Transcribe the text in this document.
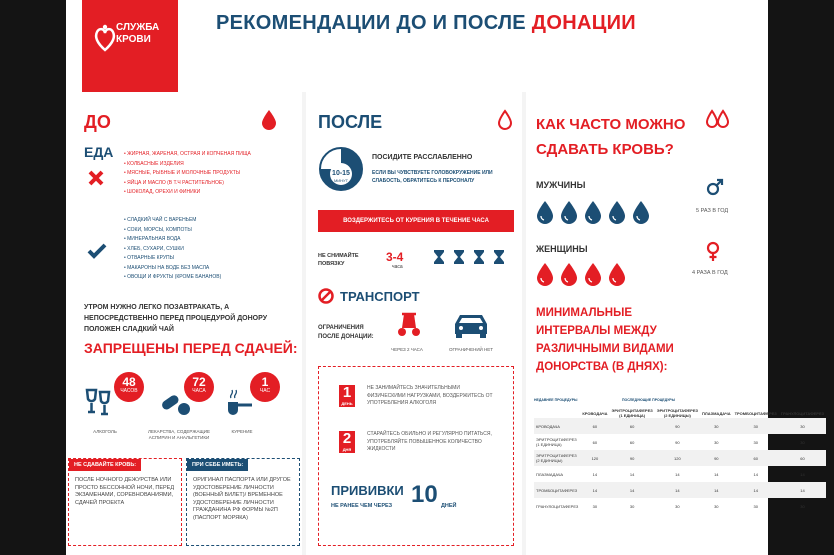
СЛУЖБА
КРОВИ
РЕКОМЕНДАЦИИ ДО И ПОСЛЕ ДОНАЦИИ
ДО
ЕДА • ЖИРНАЯ, ЖАРЕНАЯ, ОСТРАЯ И КОПЧЕНАЯ ПИЩА
• КОЛБАСНЫЕ ИЗДЕЛИЯ
• МЯСНЫЕ, РЫБНЫЕ И МОЛОЧНЫЕ ПРОДУКТЫ
• ЯЙЦА И МАСЛО (В Т.Ч РАСТИТЕЛЬНОЕ)
• ШОКОЛАД, ОРЕХИ И ФИНИКИ
• СЛАДКИЙ ЧАЙ С ВАРЕНЬЕМ
• СОКИ, МОРСЫ, КОМПОТЫ
• МИНЕРАЛЬНАЯ ВОДА
• ХЛЕБ, СУХАРИ, СУШКИ
• ОТВАРНЫЕ КРУПЫ
• МАКАРОНЫ НА ВОДЕ БЕЗ МАСЛА
• ОВОЩИ И ФРУКТЫ (КРОМЕ БАНАНОВ)
УТРОМ НУЖНО ЛЕГКО ПОЗАВТРАКАТЬ, А НЕПОСРЕДСТВЕННО ПЕРЕД ПРОЦЕДУРОЙ ДОНОРУ ПОЛОЖЕН СЛАДКИЙ ЧАЙ
ЗАПРЕЩЕНЫ ПЕРЕД СДАЧЕЙ:
48
ЧАСОВ
АЛКОГОЛЬ
72
ЧАСА
ЛЕКАРСТВА, СОДЕРЖАЩИЕ АСПИРИН И АНАЛЬГЕТИКИ
1
ЧАС
КУРЕНИЕ
НЕ СДАВАЙТЕ КРОВЬ:
ПОСЛЕ НОЧНОГО ДЕЖУРСТВА ИЛИ ПРОСТО БЕССОННОЙ НОЧИ, ПЕРЕД ЭКЗАМЕНАМИ, СОРЕВНОВАНИЯМИ, СДАЧЕЙ ПРОЕКТА
ПРИ СЕБЕ ИМЕТЬ:
ОРИГИНАЛ ПАСПОРТА ИЛИ ДРУГОЕ УДОСТОВЕРЕНИЕ ЛИЧНОСТИ (ВОЕННЫЙ БИЛЕТ)/ ВРЕМЕННОЕ УДОСТОВЕРЕНИЕ ЛИЧНОСТИ ГРАЖДАНИНА РФ ФОРМЫ №2П (ПАСПОРТ МОРЯКА)
ПОСЛЕ
10-15
МИНУТ
ПОСИДИТЕ РАССЛАБЛЕННО
ЕСЛИ ВЫ ЧУВСТВУЕТЕ ГОЛОВОКРУЖЕНИЕ ИЛИ СЛАБОСТЬ, ОБРАТИТЕСЬ К ПЕРСОНАЛУ
ВОЗДЕРЖИТЕСЬ ОТ КУРЕНИЯ В ТЕЧЕНИЕ ЧАСА
НЕ СНИМАЙТЕ ПОВЯЗКУ	3-4
часа
ТРАНСПОРТ
ОГРАНИЧЕНИЯ ПОСЛЕ ДОНАЦИИ:
ЧЕРЕЗ 2 ЧАСА	ОГРАНИЧЕНИЙ НЕТ
1
ДЕНЬ
НЕ ЗАНИМАЙТЕСЬ ЗНАЧИТЕЛЬНЫМИ ФИЗИЧЕСКИМИ НАГРУЗКАМИ, ВОЗДЕРЖИТЕСЬ ОТ УПОТРЕБЛЕНИЯ АЛКОГОЛЯ
2
ДНЯ
СТАРАЙТЕСЬ ОБИЛЬНО И РЕГУЛЯРНО ПИТАТЬСЯ, УПОТРЕБЛЯЙТЕ ПОВЫШЕННОЕ КОЛИЧЕСТВО ЖИДКОСТИ
ПРИВИВКИ
НЕ РАНЕЕ ЧЕМ ЧЕРЕЗ 10 ДНЕЙ
КАК ЧАСТО МОЖНО
СДАВАТЬ КРОВЬ?
МУЖЧИНЫ
5 РАЗ В ГОД
ЖЕНЩИНЫ
4 РАЗА В ГОД
МИНИМАЛЬНЫЕ
ИНТЕРВАЛЫ МЕЖДУ
РАЗЛИЧНЫМИ ВИДАМИ
ДОНОРСТВА (В ДНЯХ):
НЕДАВНЕЕ ПРОЦЕДУРЫ	ПОСЛЕДУЮЩИЕ ПРОЦЕДУРЫ
	КРОВОДАЧА	ЭРИТРОЦИТАФЕРЕЗ (1 ЕДИНИЦА)	ЭРИТРОЦИТАФЕРЕЗ (2 ЕДИНИЦЫ)	ПЛАЗМАДАЧА	ТРОМБОЦИТАФЕРЕЗ	ГРАНУЛОЦИТАФЕРЕЗ
КРОВОДАЧА	60	60	90	30	30	30
ЭРИТРОЦИТАФЕРЕЗ (1 ЕДИНИЦА)	60	60	90	30	30	30
ЭРИТРОЦИТАФЕРЕЗ (2 ЕДИНИЦЫ)	120	90	120	90	60	60
ПЛАЗМАДАЧА	14	14	14	14	14	14
ТРОМБОЦИТАФЕРЕЗ	14	14	14	14	14	14
ГРАНУЛОЦИТАФЕРЕЗ	30	30	30	30	30	30
